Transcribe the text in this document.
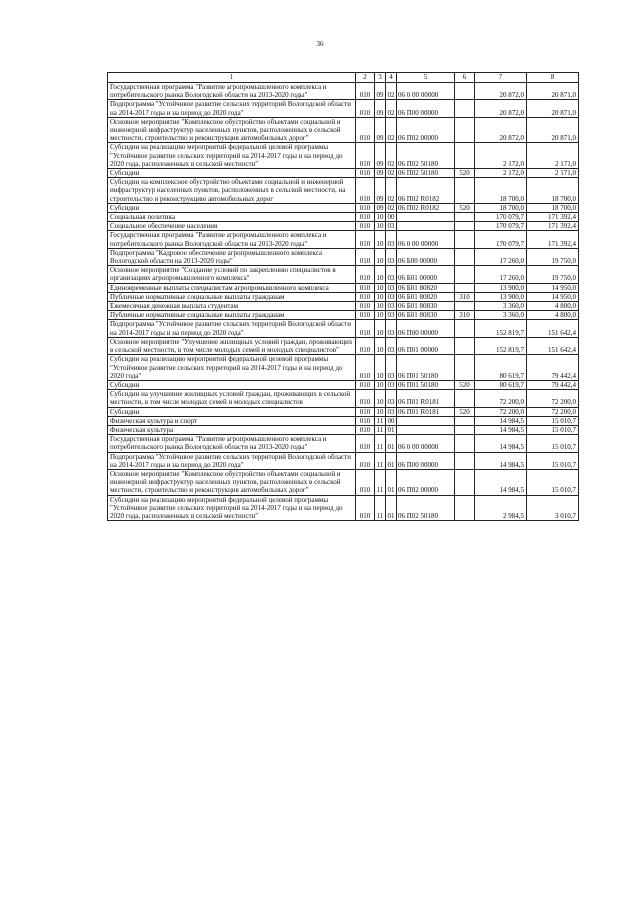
36
1	2	3	4	5	6	7	8
Государственная программа "Развитие агропромышленного комплекса и потребительского рынка Вологодской области на 2013-2020 годы"	010	09	02	06 0 00 00000		20 872,0	20 871,0
Подпрограмма "Устойчивое развитие сельских территорий Вологодской области на 2014-2017 годы и на период до 2020 года"	010	09	02	06 П00 00000		20 872,0	20 871,0
Основное мероприятие "Комплексное обустройство объектами социальной и инженерной инфраструктур населенных пунктов, расположенных в сельской местности, строительство и реконструкция автомобильных дорог"	010	09	02	06 П02 00000		20 872,0	20 871,0
Субсидии на реализацию мероприятий федеральной целевой программы "Устойчивое развитие сельских территорий на 2014-2017 годы и на период до 2020 года, расположенных в сельской местности"	010	09	02	06 П02 50180		2 172,0	2 171,0
Субсидии	010	09	02	06 П02 50180	520	2 172,0	2 171,0
Субсидии на комплексное обустройство объектами социальной и инженерной инфраструктур населенных пунктов, расположенных в сельской местности, на строительство и реконструкцию автомобильных дорог	010	09	02	06 П02 R0182		18 700,0	18 700,0
Субсидии	010	09	02	06 П02 R0182	520	18 700,0	18 700,0
Социальная политика	010	10	00			170 079,7	171 392,4
Социальное обеспечение населения	010	10	03			170 079,7	171 392,4
Государственная программа "Развитие агропромышленного комплекса и потребительского рынка Вологодской области на 2013-2020 годы"	010	10	03	06 0 00 00000		170 079,7	171 392,4
Подпрограмма "Кадровое обеспечение агропромышленного комплекса Вологодской области на 2013-2020 годы"	010	10	03	06 Б00 00000		17 260,0	19 750,0
Основное мероприятие "Создание условий по закреплению специалистов в организациях агропромышленного комплекса"	010	10	03	06 Б01 00000		17 260,0	19 750,0
Единовременные выплаты специалистам агропромышленного комплекса	010	10	03	06 Б01 80820		13 900,0	14 950,0
Публичные нормативные социальные выплаты гражданам	010	10	03	06 Б01 80820	310	13 900,0	14 950,0
Ежемесячная денежная выплата студентам	010	10	03	06 Б01 80830		3 360,0	4 800,0
Публичные нормативные социальные выплаты гражданам	010	10	03	06 Б01 80830	310	3 360,0	4 800,0
Подпрограмма "Устойчивое развитие сельских территорий Вологодской области на 2014-2017 годы и на период до 2020 года"	010	10	03	06 П00 00000		152 819,7	151 642,4
Основное мероприятие "Улучшение жилищных условий граждан, проживающих в сельской местности, в том числе молодых семей и молодых специалистов"	010	10	03	06 П01 00000		152 819,7	151 642,4
Субсидии на реализацию мероприятий федеральной целевой программы "Устойчивое развитие сельских территорий на 2014-2017 годы и на период до 2020 года"	010	10	03	06 П01 50180		80 619,7	79 442,4
Субсидии	010	10	03	06 П01 50180	520	80 619,7	79 442,4
Субсидии на улучшение жилищных условий граждан, проживающих в сельской местности, в том числе молодых семей и молодых специалистов	010	10	03	06 П01 R0181		72 200,0	72 200,0
Субсидии	010	10	03	06 П01 R0181	520	72 200,0	72 200,0
Физическая культура и спорт	010	11	00			14 984,5	15 010,7
Физическая культура	010	11	01			14 984,5	15 010,7
Государственная программа "Развитие агропромышленного комплекса и потребительского рынка Вологодской области на 2013-2020 годы"	010	11	01	06 0 00 00000		14 984,5	15 010,7
Подпрограмма "Устойчивое развитие сельских территорий Вологодской области на 2014-2017 годы и на период до 2020 года"	010	11	01	06 П00 00000		14 984,5	15 010,7
Основное мероприятие "Комплексное обустройство объектами социальной и инженерной инфраструктур населенных пунктов, расположенных в сельской местности, строительство и реконструкция автомобильных дорог"	010	11	01	06 П02 00000		14 984,5	15 010,7
Субсидии на реализацию мероприятий федеральной целевой программы "Устойчивое развитие сельских территорий на 2014-2017 годы и на период до 2020 года, расположенных в сельской местности"	010	11	01	06 П02 50180		2 984,5	3 010,7
